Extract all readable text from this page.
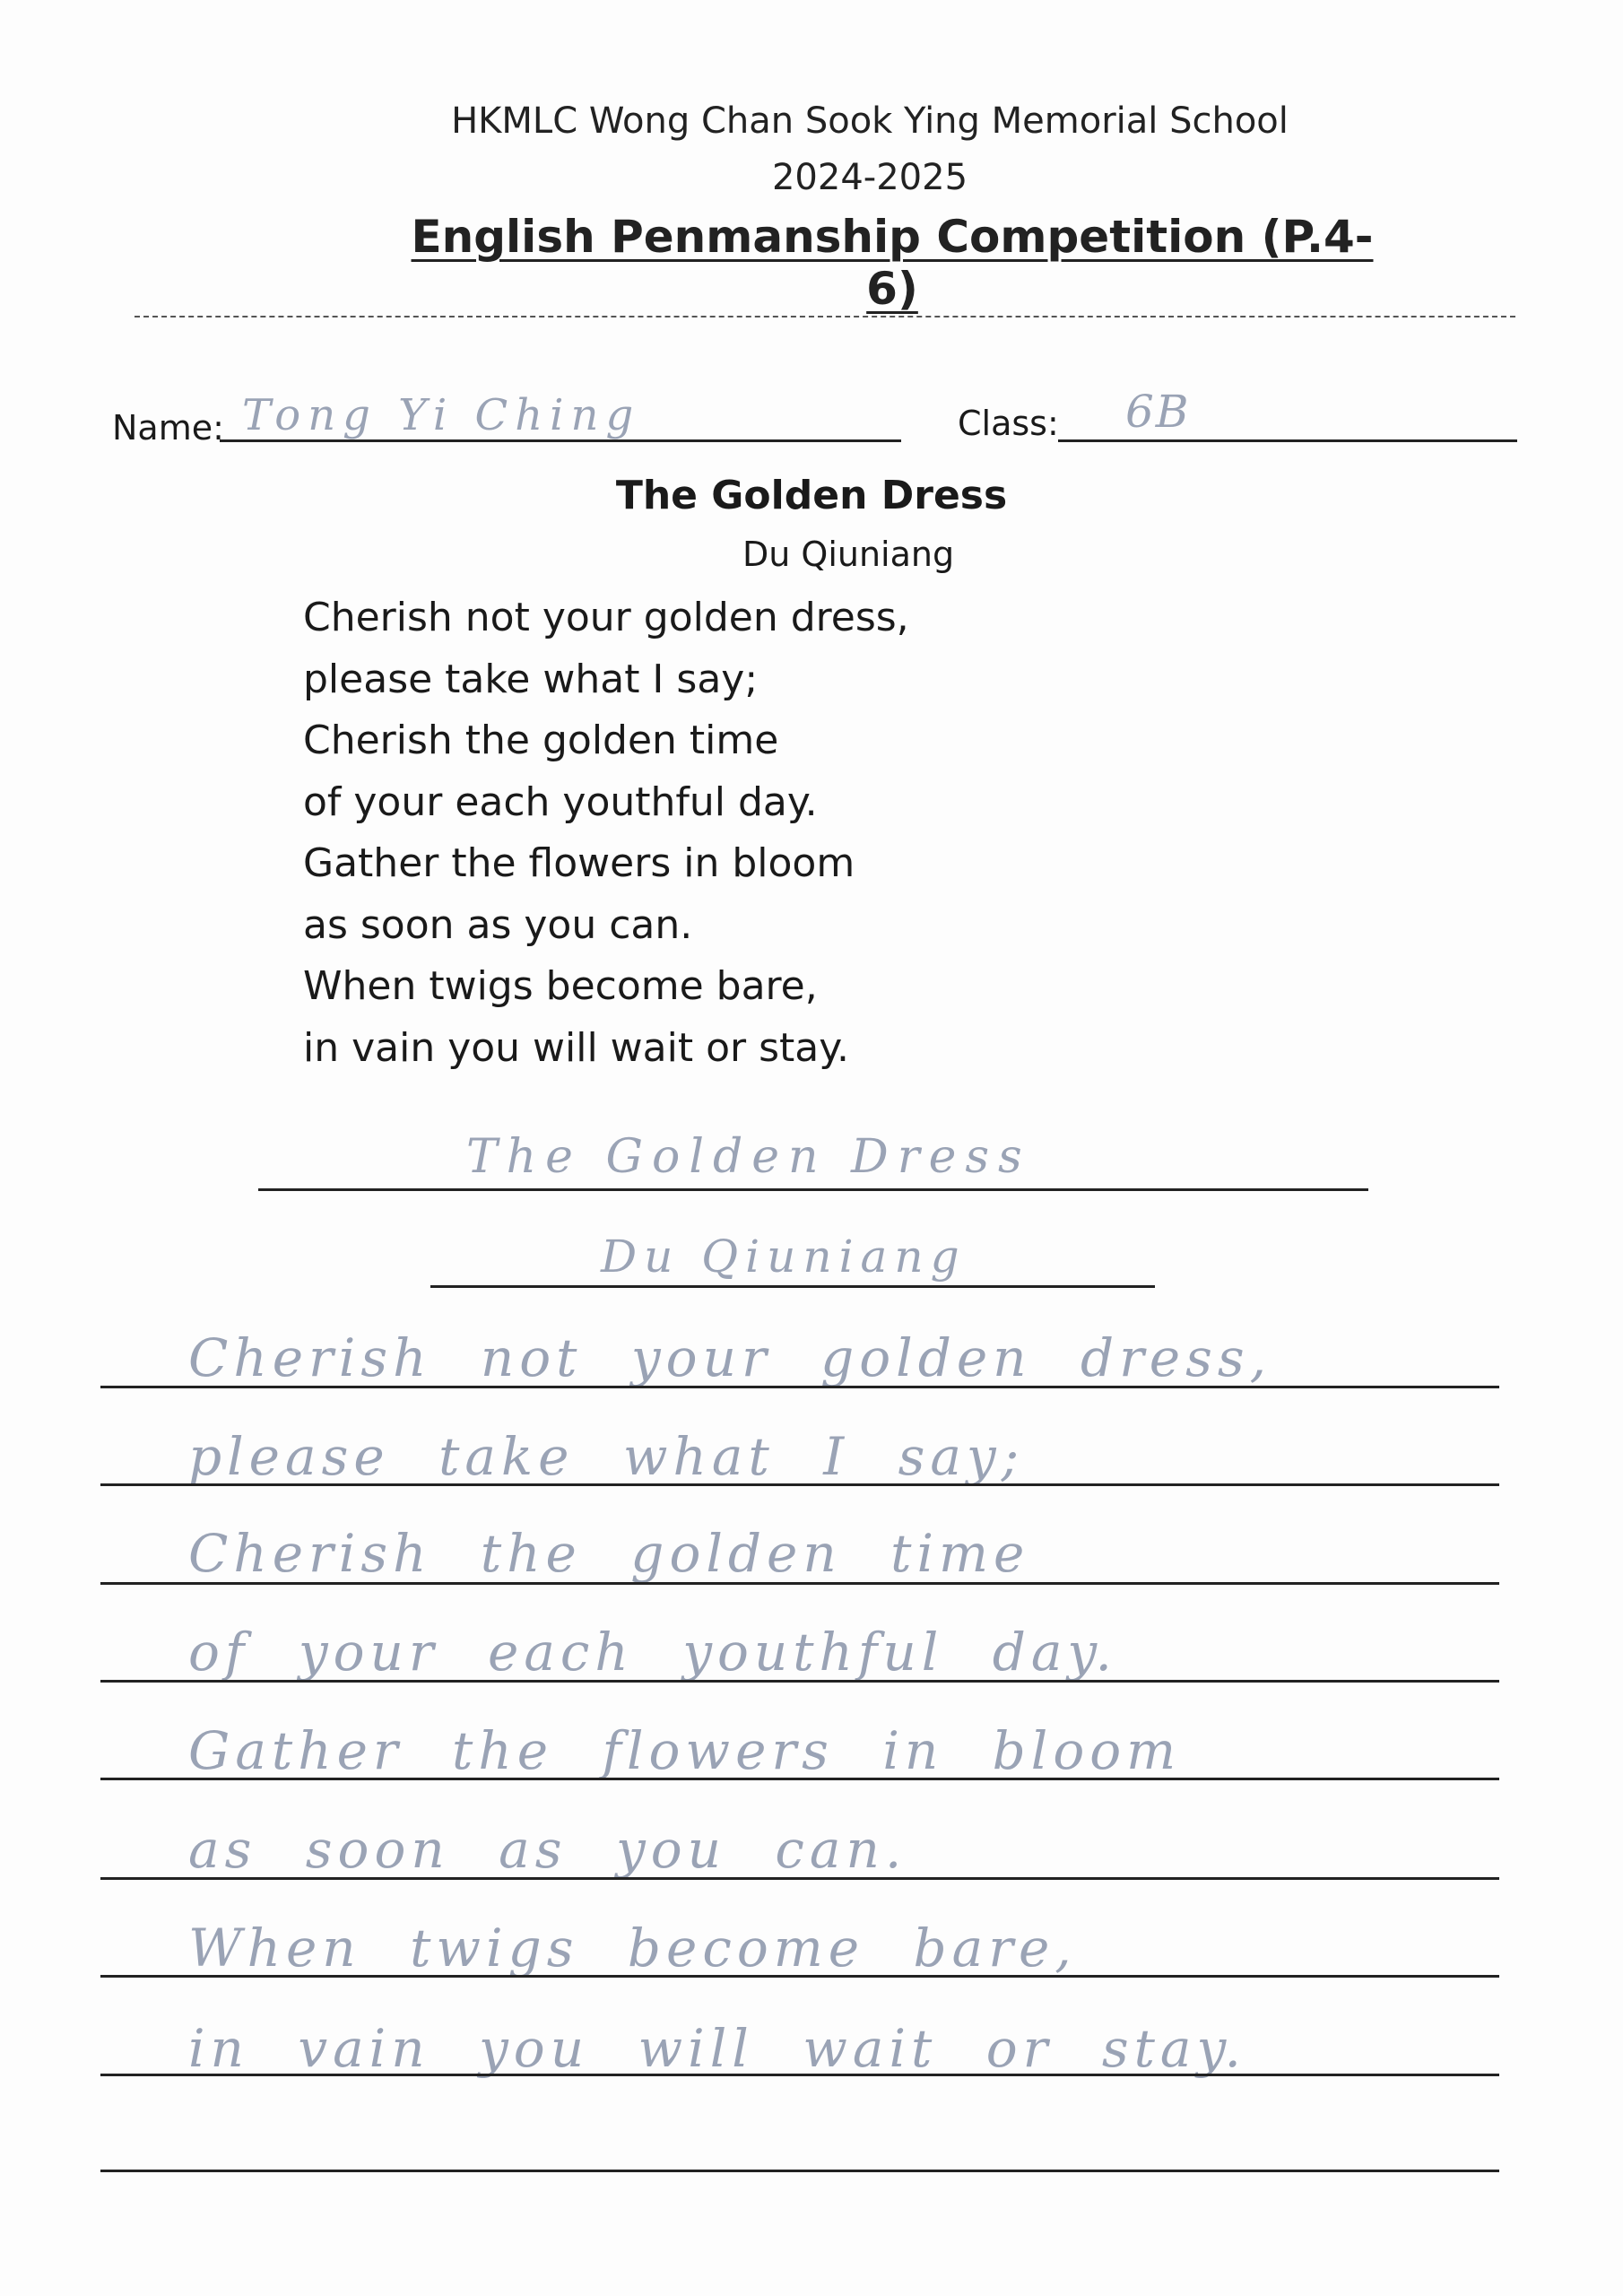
HKMLC Wong Chan Sook Ying Memorial School
2024-2025
English Penmanship Competition (P.4-6)
Name: Tong Yi Ching	Class: 6B
The Golden Dress
Du Qiuniang
Cherish not your golden dress,
please take what I say;
Cherish the golden time
of your each youthful day.
Gather the flowers in bloom
as soon as you can.
When twigs become bare,
in vain you will wait or stay.
The Golden Dress
Du Qiuniang
Cherish not your golden dress,
please take what I say;
Cherish the golden time
of your each youthful day.
Gather the flowers in bloom
as soon as you can.
When twigs become bare,
in vain you will wait or stay.
